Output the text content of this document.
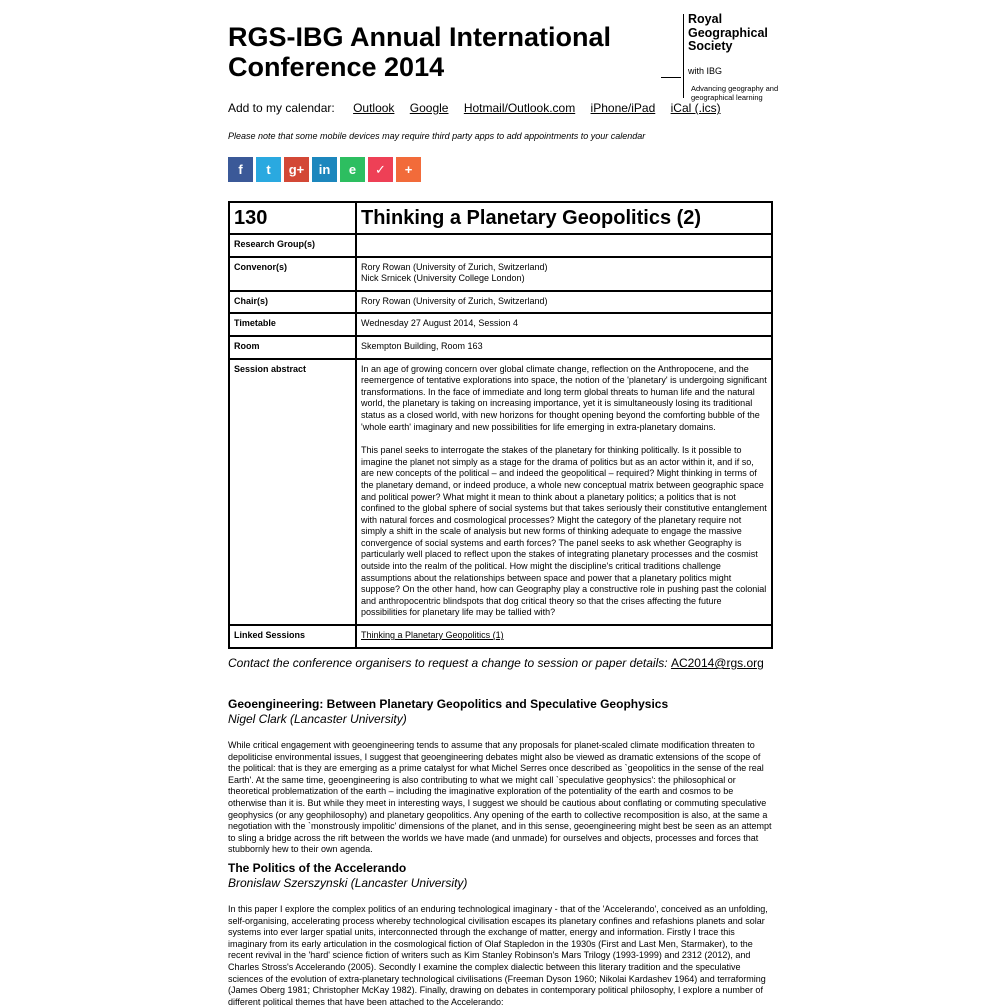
RGS-IBG Annual International Conference 2014
Royal
Geographical
Society
with IBG
Advancing geography and geographical learning
Add to my calendar: Outlook Google Hotmail/Outlook.com iPhone/iPad iCal (.ics)
Please note that some mobile devices may require third party apps to add appointments to your calendar
f	t	g+	in	e	✓	+
130	Thinking a Planetary Geopolitics (2)
Research Group(s)	
Convenor(s)	Rory Rowan (University of Zurich, Switzerland)
Nick Srnicek (University College London)

Chair(s)	Rory Rowan (University of Zurich, Switzerland)
Timetable	Wednesday 27 August 2014, Session 4
Room	Skempton Building, Room 163
Session abstract	In an age of growing concern over global climate change, reflection on the Anthropocene, and the reemergence of tentative explorations into space, the notion of the 'planetary' is undergoing significant transformations. In the face of immediate and long term global threats to human life and the natural world, the planetary is taking on increasing importance, yet it is simultaneously losing its traditional status as a closed world, with new horizons for thought opening beyond the comforting bubble of the 'whole earth' imaginary and new possibilities for life emerging in extra-planetary domains.

This panel seeks to interrogate the stakes of the planetary for thinking politically. Is it possible to imagine the planet not simply as a stage for the drama of politics but as an actor within it, and if so, are new concepts of the political – and indeed the geopolitical – required? Might thinking in terms of the planetary demand, or indeed produce, a whole new conceptual matrix between geographic space and political power? What might it mean to think about a planetary politics; a politics that is not confined to the global sphere of social systems but that takes seriously their constitutive entanglement with natural forces and cosmological processes? Might the category of the planetary require not simply a shift in the scale of analysis but new forms of thinking adequate to engage the massive convergence of social systems and earth forces? The panel seeks to ask whether Geography is particularly well placed to reflect upon the stakes of integrating planetary processes and the cosmist outside into the realm of the political. How might the discipline's critical traditions challenge assumptions about the relationships between space and power that a planetary politics might suppose? On the other hand, how can Geography play a constructive role in pushing past the colonial and anthropocentric blindspots that dog critical theory so that the crises affecting the future possibilities for planetary life may be tallied with?

Linked Sessions	Thinking a Planetary Geopolitics (1)
Contact the conference organisers to request a change to session or paper details: AC2014@rgs.org
Geoengineering: Between Planetary Geopolitics and Speculative Geophysics
Nigel Clark (Lancaster University)
While critical engagement with geoengineering tends to assume that any proposals for planet-scaled climate modification threaten to depoliticise environmental issues, I suggest that geoengineering debates might also be viewed as dramatic extensions of the scope of the political: that is they are emerging as a prime catalyst for what Michel Serres once described as `geopolitics in the sense of the real Earth'. At the same time, geoengineering is also contributing to what we might call `speculative geophysics': the philosophical or theoretical problematization of the earth – including the imaginative exploration of the potentiality of the earth and cosmos to be otherwise than it is. But while they meet in interesting ways, I suggest we should be cautious about conflating or commuting speculative geophysics (or any geophilosophy) and planetary geopolitics. Any opening of the earth to collective recomposition is also, at the same a negotiation with the `monstrously impolitic' dimensions of the planet, and in this sense, geoengineering might best be seen as an attempt to sling a bridge across the rift between the worlds we have made (and unmade) for ourselves and objects, processes and forces that stubbornly hew to their own agenda.
The Politics of the Accelerando
Bronislaw Szerszynski (Lancaster University)
In this paper I explore the complex politics of an enduring technological imaginary - that of the 'Accelerando', conceived as an unfolding, self-organising, accelerating process whereby technological civilisation escapes its planetary confines and refashions planets and solar systems into ever larger spatial units, interconnected through the exchange of matter, energy and information. Firstly I trace this imaginary from its early articulation in the cosmological fiction of Olaf Stapledon in the 1930s (First and Last Men, Starmaker), to the recent revival in the 'hard' science fiction of writers such as Kim Stanley Robinson's Mars Trilogy (1993-1999) and 2312 (2012), and Charles Stross's Accelerando (2005). Secondly I examine the complex dialectic between this literary tradition and the speculative sciences of the evolution of extra-planetary technological civilisations (Freeman Dyson 1960; Nikolai Kardashev 1964) and terraforming (James Oberg 1981; Christopher McKay 1982). Finally, drawing on debates in contemporary political philosophy, I explore a number of different political themes that have been attached to the Accelerando:
